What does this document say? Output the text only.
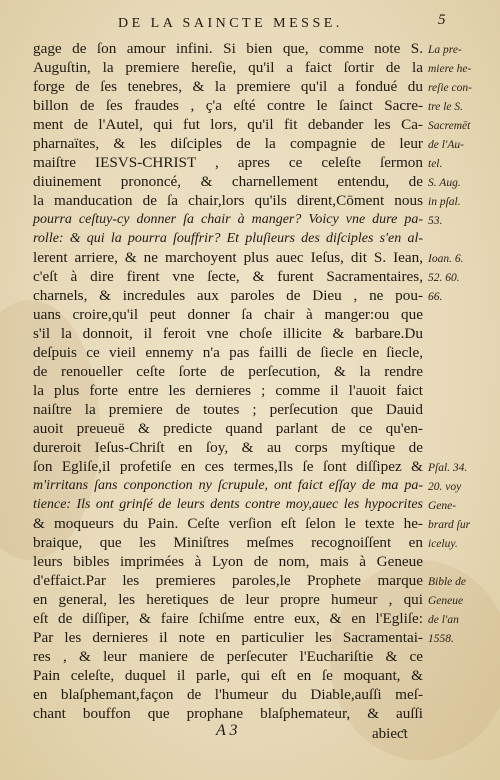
DE LA SAINCTE MESSE.	5
gage de ſon amour infini. Si bien que, comme note S.
Auguſtin, la premiere hereſie, qu'il a faict ſortir de la
forge de ſes tenebres, & la premiere qu'il a fondué du
billon de ſes fraudes , ç'a eſté contre le ſainct Sacre-
ment de l'Autel, qui fut lors, qu'il fit debander les Ca-
pharnaïtes, & les diſciples de la compagnie de leur
maiſtre IESVS-CHRIST , apres ce celeſte ſermon
diuinement prononcé, & charnellement entendu, de
la manducation de ſa chair,lors qu'ils dirent,Cōment nous
pourra ceſtuy-cy donner ſa chair à manger? Voicy vne dure pa-
rolle: & qui la pourra ſouffrir? Et pluſieurs des diſciples s'en al-
lerent arriere, & ne marchoyent plus auec Ieſus, dit S. Iean,
c'eſt à dire firent vne ſecte, & furent Sacramentaires,
charnels, & incredules aux paroles de Dieu , ne pou-
uans croire,qu'il peut donner ſa chair à manger:ou que
s'il la donnoit, il feroit vne choſe illicite & barbare.Du
deſpuis ce vieil ennemy n'a pas failli de ſiecle en ſiecle,
de renoueller ceſte ſorte de perſecution, & la rendre
la plus forte entre les dernieres ; comme il l'auoit faict
naiſtre la premiere de toutes ; perſecution que Dauid
auoit preueuë & predicte quand parlant de ce qu'en-
dureroit Ieſus-Chriſt en ſoy, & au corps myſtique de
ſon Egliſe,il profetiſe en ces termes,Ils ſe ſont diſſipez &
m'irritans ſans conponction ny ſcrupule, ont faict eſſay de ma pa-
tience: Ils ont grinſé de leurs dents contre moy,auec les hypocrites
& moqueurs du Pain. Ceſte verſion eſt ſelon le texte he-
braique, que les Miniſtres meſmes recognoiſſent en
leurs bibles imprimées à Lyon de nom, mais à Geneue
d'effaict.Par les premieres paroles,le Prophete marque
en general, les heretiques de leur propre humeur , qui
eſt de diſſiper, & faire ſchiſme entre eux, & en l'Egliſe:
Par les dernieres il note en particulier les Sacramentai-
res , & leur maniere de perſecuter l'Euchariſtie & ce
Pain celeſte, duquel il parle, qui eſt en ſe moquant, &
en blaſphemant,façon de l'humeur du Diable,auſſi meſ-
chant bouffon que prophane blaſphemateur, & auſſi
La pre-
miere he-
reſie con-
tre le S.
Sacremēt
de l'Au-
tel.
S. Aug.
in pſal.
53.
Ioan. 6.
52. 60.
66.
Pſal. 34.
20. voy
Gene-
brard ſur
iceluy.
Bible de
Geneue
de l'an
1558.
A 3	abieƈt
